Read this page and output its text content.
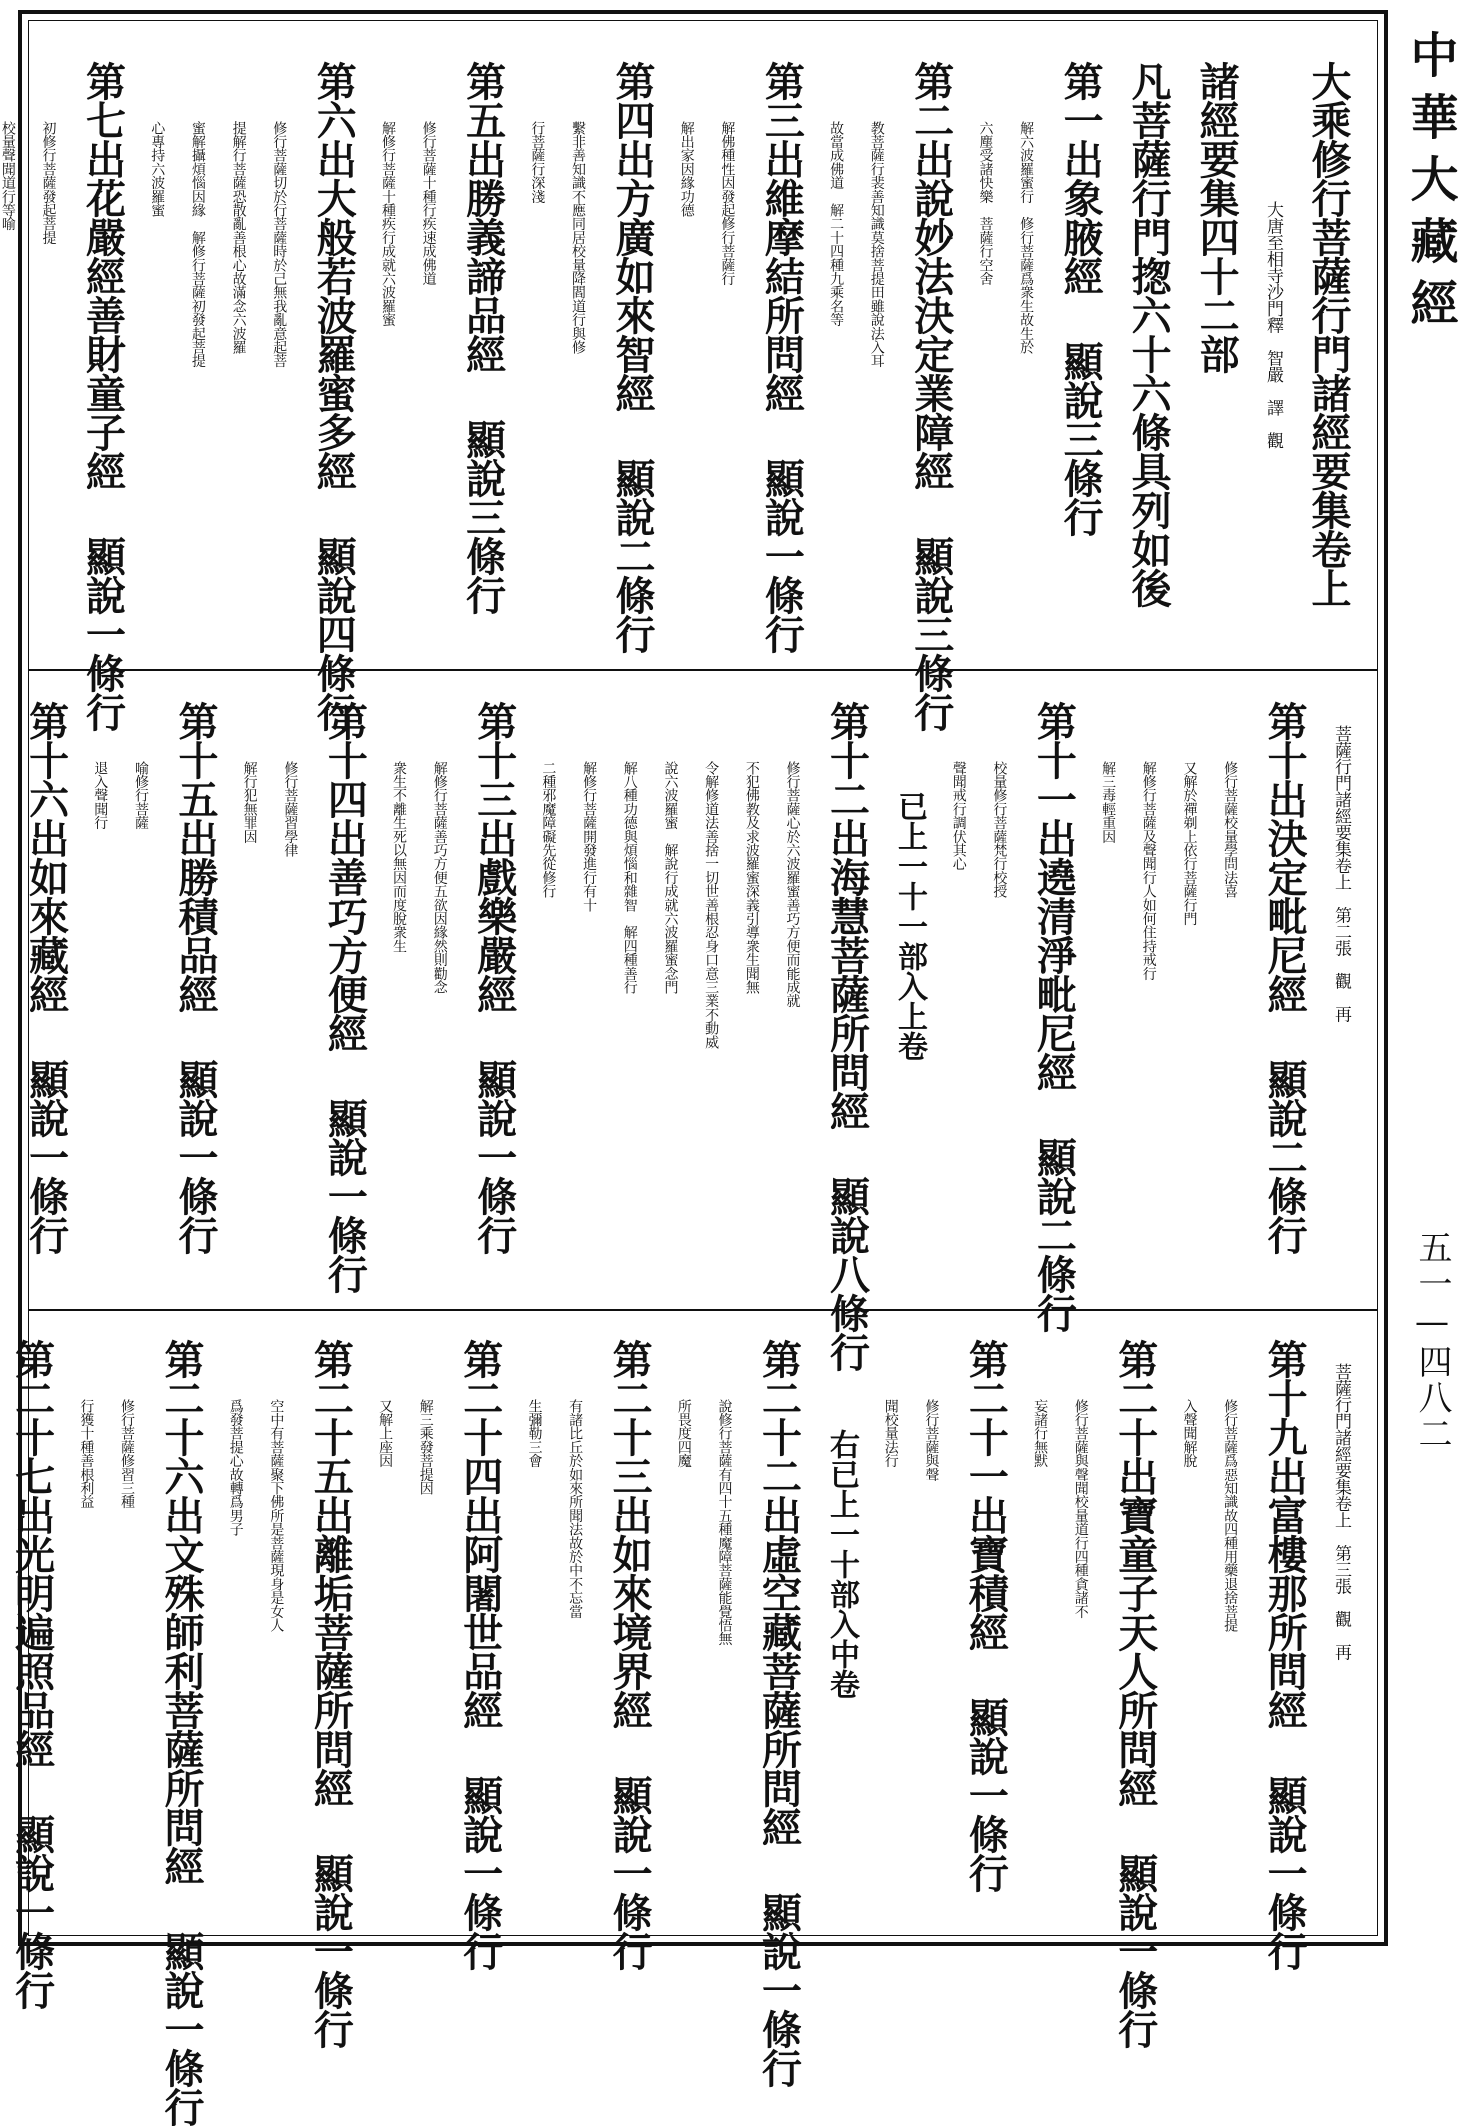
大乘修行菩薩行門諸經要集卷上
大唐至相寺沙門釋　智嚴　譯　觀
諸經要集四十二部
凡菩薩行門揔六十六條具列如後
第一出象腋經 顯說三條行
解六波羅蜜行　修行菩薩爲衆生故生於
六塵受諸快樂　菩薩行空舍
第二出說妙法決定業障經 顯說三條行
教菩薩行裴善知識莫捨菩提田雖說法入耳
故當成佛道　解二十四種九乘名等
第三出維摩結所問經 顯說一條行
解佛種性因發起修行菩薩行
解出家因緣功德
第四出方廣如來智經 顯說二條行
繫非善知識不應同居校量降閻道行與修
行菩薩行深淺
第五出勝義諦品經 顯說三條行
修行菩薩十種行疾速成佛道
解修行菩薩十種疾行成就六波羅蜜
第六出大般若波羅蜜多經 顯說四條行
修行菩薩切於行菩薩時於己無我亂意起菩
提解行菩薩恐散亂善根心故滿念六波羅
蜜解攝煩惱因緣　解修行菩薩初發起菩提
心專持六波羅蜜
第七出花嚴經善財童子經 顯說一條行
初修行菩薩發起菩提
校量聲聞道行等喻
菩薩行門諸經要集卷上　第二張　觀　再
第十出決定毗尼經 顯說二條行
修行菩薩校量學問法喜
又解於禪剃上依行菩薩行門
解修行菩薩及聲聞行人如何住持戒行
解三毒輕重因
第十一出遶清淨毗尼經 顯說二條行
校量修行菩薩梵行校授
聲聞戒行調伏其心
已上一十一部入上卷
第十二出海慧菩薩所問經 顯說八條行
修行菩薩心於六波羅蜜善巧方便而能成就
不犯佛教及求波羅蜜深義引導衆生聞無
令解修道法善捨一切世善根忍身口意三業不動威
說六波羅蜜　解說行成就六波羅蜜念門
解八種功德與煩惱和雜智　解四種善行
解修行菩薩開發進行有十
二種邪魔障礙先從修行
第十三出戲樂嚴經 顯說一條行
解修行菩薩善巧方便五欲因緣然則勸念
衆生不離生死以無因而度脫衆生
第十四出善巧方便經 顯說一條行
修行菩薩習學律
解行犯無罪因
第十五出勝積品經 顯說一條行
喻修行菩薩
退入聲聞行
第十六出如來藏經 顯說一條行
菩薩行門諸經要集卷上　第三張　觀　再
第十九出富樓那所問經 顯說一條行
修行菩薩爲惡知識故四種用藥退捨菩提
入聲聞解脫
第二十出寶童子天人所問經 顯說一條行
修行菩薩與聲聞校量道行四種貪諸不
妄諸行無默
第二十一出寶積經 顯說一條行
修行菩薩與聲
聞校量法行
右已上一十部入中卷
第二十二出虛空藏菩薩所問經 顯說一條行
說修行菩薩有四十五種魔障菩薩能覺悟無
所畏度四魔
第二十三出如來境界經 顯說一條行
有諸比丘於如來所聞法故於中不忘當
生彌勒三會
第二十四出阿闍世品經 顯說一條行
解三乘發菩提因
又解上座因
第二十五出離垢菩薩所問經 顯說一條行
空中有菩薩聚下佛所是菩薩現身是女人
爲發菩提心故轉爲男子
第二十六出文殊師利菩薩所問經 顯說一條行
修行菩薩修習三種
行獲十種善根利益
第二十七出光明遍照品經 顯說一條行
中華大藏經
五一—四八二
